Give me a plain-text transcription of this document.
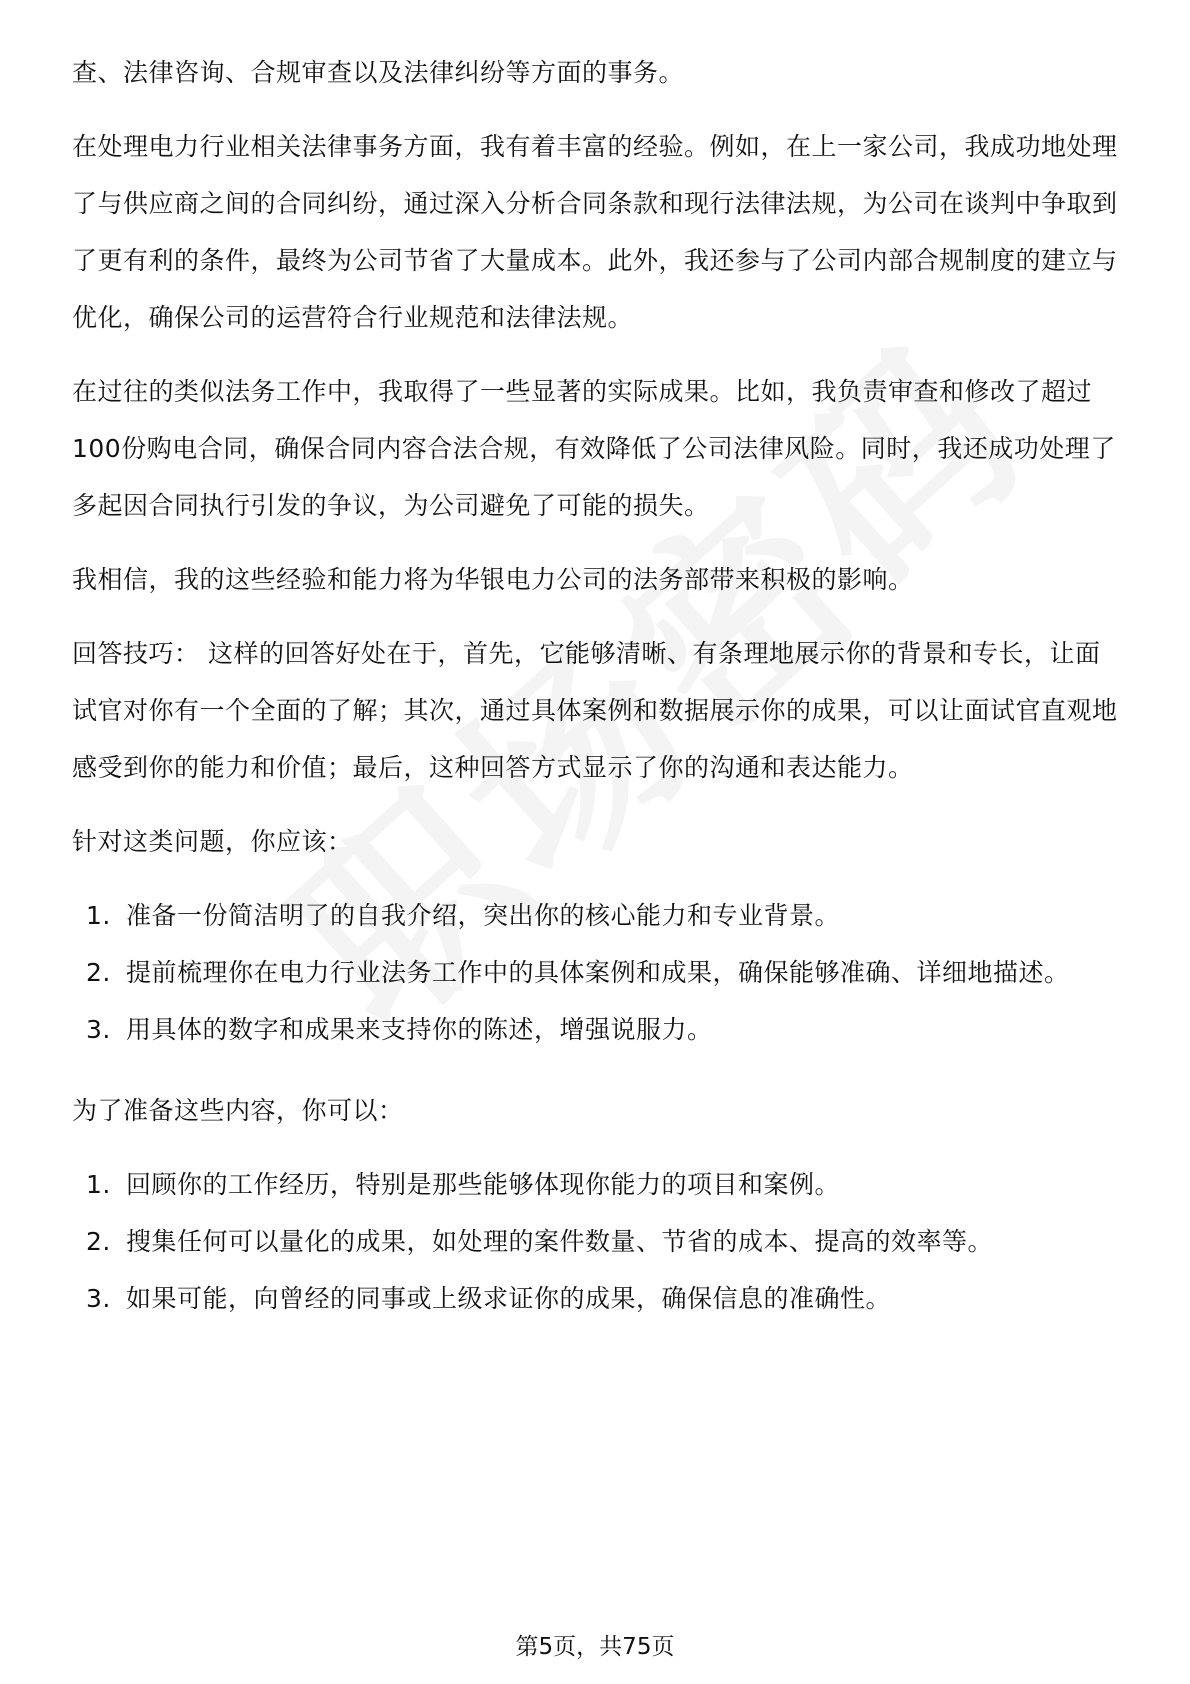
查、法律咨询、合规审查以及法律纠纷等方面的事务。

在处理电力行业相关法律事务方面，我有着丰富的经验。例如，在上一家公司，我成功地处理了与供应商之间的合同纠纷，通过深入分析合同条款和现行法律法规，为公司在谈判中争取到了更有利的条件，最终为公司节省了大量成本。此外，我还参与了公司内部合规制度的建立与优化，确保公司的运营符合行业规范和法律法规。

在过往的类似法务工作中，我取得了一些显著的实际成果。比如，我负责审查和修改了超过100份购电合同，确保合同内容合法合规，有效降低了公司法律风险。同时，我还成功处理了多起因合同执行引发的争议，为公司避免了可能的损失。

我相信，我的这些经验和能力将为华银电力公司的法务部带来积极的影响。

回答技巧： 这样的回答好处在于，首先，它能够清晰、有条理地展示你的背景和专长，让面试官对你有一个全面的了解；其次，通过具体案例和数据展示你的成果，可以让面试官直观地感受到你的能力和价值；最后，这种回答方式显示了你的沟通和表达能力。

针对这类问题，你应该：

1. 准备一份简洁明了的自我介绍，突出你的核心能力和专业背景。
2. 提前梳理你在电力行业法务工作中的具体案例和成果，确保能够准确、详细地描述。
3. 用具体的数字和成果来支持你的陈述，增强说服力。

为了准备这些内容，你可以：

1. 回顾你的工作经历，特别是那些能够体现你能力的项目和案例。
2. 搜集任何可以量化的成果，如处理的案件数量、节省的成本、提高的效率等。
3. 如果可能，向曾经的同事或上级求证你的成果，确保信息的准确性。
第5页，共75页
